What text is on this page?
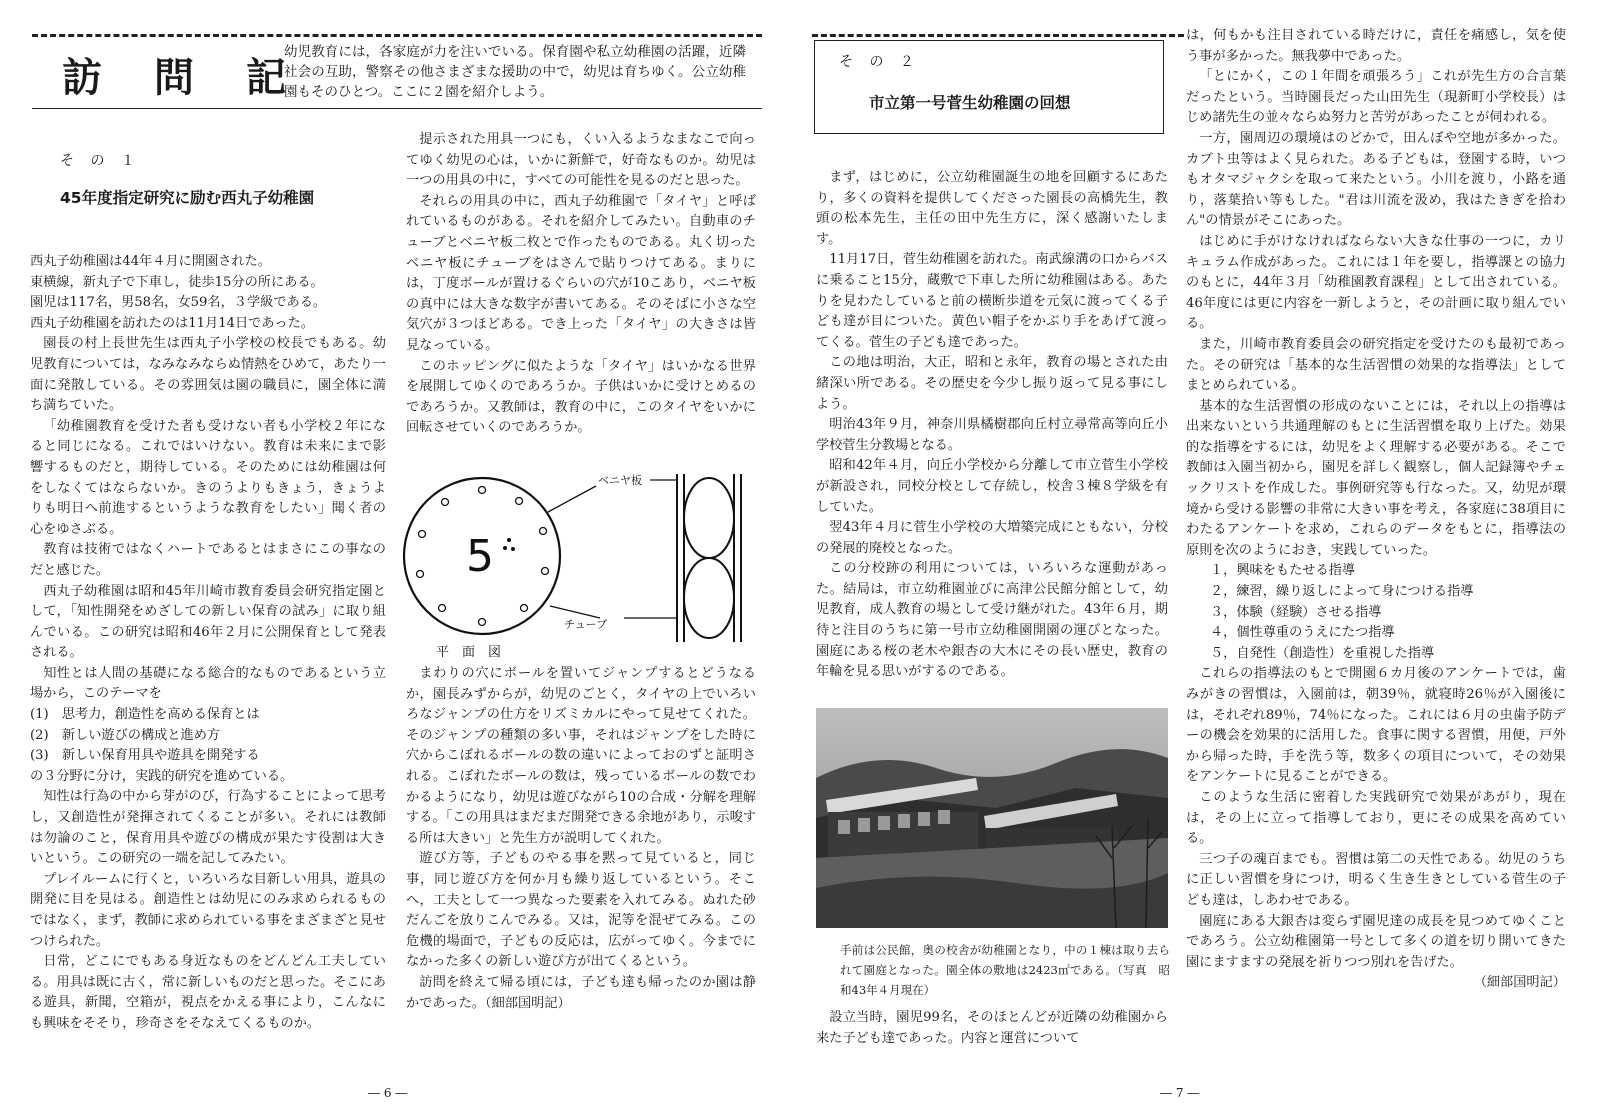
訪　問　記
幼児教育には，各家庭が力を注いでいる。保育園や私立幼稚園の活躍，近隣社会の互助，警察その他さまざまな援助の中で，幼児は育ちゆく。公立幼稚園もそのひとつ。ここに２園を紹介しよう。
そ の １
45年度指定研究に励む西丸子幼稚園

西丸子幼稚園は44年４月に開園された。

東横線，新丸子で下車し，徒歩15分の所にある。

園児は117名，男58名，女59名，３学級である。

西丸子幼稚園を訪れたのは11月14日であった。

園長の村上長世先生は西丸子小学校の校長でもある。幼児教育については，なみなみならぬ情熱をひめて，あたり一面に発散している。その雰囲気は園の職員に，園全体に満ち満ちていた。

「幼稚園教育を受けた者も受けない者も小学校２年になると同じになる。これではいけない。教育は未来にまで影響するものだと，期待している。そのためには幼稚園は何をしなくてはならないか。きのうよりもきょう，きょうよりも明日へ前進するというような教育をしたい」聞く者の心をゆさぶる。

教育は技術ではなくハートであるとはまさにこの事なのだと感じた。

西丸子幼稚園は昭和45年川崎市教育委員会研究指定園として，「知性開発をめざしての新しい保育の試み」に取り組んでいる。この研究は昭和46年２月に公開保育として発表される。

知性とは人間の基礎になる総合的なものであるという立場から，このテーマを

(1)　思考力，創造性を高める保育とは

(2)　新しい遊びの構成と進め方

(3)　新しい保育用具や遊具を開発する

の３分野に分け，実践的研究を進めている。

知性は行為の中から芽がのび，行為することによって思考し，又創造性が発揮されてくることが多い。それには教師は勿論のこと，保育用具や遊びの構成が果たす役割は大きいという。この研究の一端を記してみたい。

プレイルームに行くと，いろいろな目新しい用具，遊具の開発に目を見はる。創造性とは幼児にのみ求められるものではなく，まず，教師に求められている事をまざまざと見せつけられた。

日常，どこにでもある身近なものをどんどん工夫している。用具は既に古く，常に新しいものだと思った。そこにある遊具，新聞，空箱が，視点をかえる事により，こんなにも興味をそそり，珍奇さをそなえてくるものか。

提示された用具一つにも，くい入るようなまなこで向ってゆく幼児の心は，いかに新鮮で，好奇なものか。幼児は一つの用具の中に，すべての可能性を見るのだと思った。

それらの用具の中に，西丸子幼稚園で「タイヤ」と呼ばれているものがある。それを紹介してみたい。自動車のチューブとベニヤ板二枚とで作ったものである。丸く切ったベニヤ板にチューブをはさんで貼りつけてある。まりには，丁度ボールが置けるぐらいの穴が10こあり，ベニヤ板の真中には大きな数字が書いてある。そのそばに小さな空気穴が３つほどある。でき上った「タイヤ」の大きさは皆見なっている。

このホッピングに似たような「タイヤ」はいかなる世界を展開してゆくのであろうか。子供はいかに受けとめるのであろうか。又教師は，教育の中に，このタイヤをいかに回転させていくのであろうか。

5
ベニヤ板
チューブ
平　面　図

まわりの穴にボールを置いてジャンプするとどうなるか，園長みずからが，幼児のごとく，タイヤの上でいろいろなジャンプの仕方をリズミカルにやって見せてくれた。そのジャンプの種類の多い事，それはジャンプをした時に穴からこぼれるボールの数の違いによっておのずと証明される。こぼれたボールの数は，残っているボールの数でわかるようになり，幼児は遊びながら10の合成・分解を理解する。「この用具はまだまだ開発できる余地があり，示唆する所は大きい」と先生方が説明してくれた。

遊び方等，子どものやる事を黙って見ていると，同じ事，同じ遊び方を何か月も繰り返しているという。そこへ，工夫として一つ異なった要素を入れてみる。ぬれた砂だんごを放りこんでみる。又は，泥等を混ぜてみる。この危機的場面で，子どもの反応は，広がってゆく。今までになかった多くの新しい遊び方が出てくるという。

訪問を終えて帰る頃には，子ども達も帰ったのか園は静かであった。（細部国明記）

― 6 ―
そ の ２
市立第一号菅生幼稚園の回想

まず，はじめに，公立幼稚園誕生の地を回顧するにあたり，多くの資料を提供してくださった園長の高橋先生，教頭の松本先生，主任の田中先生方に，深く感謝いたします。

11月17日，菅生幼稚園を訪れた。南武線溝の口からバスに乗ること15分，蔵敷で下車した所に幼稚園はある。あたりを見わたしていると前の横断歩道を元気に渡ってくる子ども達が目についた。黄色い帽子をかぶり手をあげて渡ってくる。菅生の子ども達であった。

この地は明治，大正，昭和と永年，教育の場とされた由緒深い所である。その歴史を今少し振り返って見る事にしよう。

明治43年９月，神奈川県橘樹郡向丘村立尋常高等向丘小学校菅生分教場となる。

昭和42年４月，向丘小学校から分離して市立菅生小学校が新設され，同校分校として存続し，校舎３棟８学級を有していた。

翌43年４月に菅生小学校の大増築完成にともない，分校の発展的廃校となった。

この分校跡の利用については，いろいろな運動があった。結局は，市立幼稚園並びに高津公民館分館として，幼児教育，成人教育の場として受け継がれた。43年６月，期待と注目のうちに第一号市立幼稚園開園の運びとなった。園庭にある桜の老木や銀杏の大木にその長い歴史，教育の年輪を見る思いがするのである。

手前は公民館，奥の校舎が幼稚園となり，中の１棟は取り去られて園庭となった。園全体の敷地は2423㎡である。（写真　昭和43年４月現在）

設立当時，園児99名，そのほとんどが近隣の幼稚園から来た子ども達であった。内容と運営について

は，何もかも注目されている時だけに，責任を痛感し，気を使う事が多かった。無我夢中であった。

「とにかく，この１年間を頑張ろう」これが先生方の合言葉だったという。当時園長だった山田先生（現新町小学校長）はじめ諸先生の並々ならぬ努力と苦労があったことが伺われる。

一方，園周辺の環境はのどかで，田んぼや空地が多かった。カブト虫等はよく見られた。ある子どもは，登園する時，いつもオタマジャクシを取って来たという。小川を渡り，小路を通り，落葉拾い等もした。"君は川流を汲め，我はたきぎを拾わん"の情景がそこにあった。

はじめに手がけなければならない大きな仕事の一つに，カリキュラム作成があった。これには１年を要し，指導課との協力のもとに，44年３月「幼稚園教育課程」として出されている。46年度には更に内容を一新しようと，その計画に取り組んでいる。

また，川崎市教育委員会の研究指定を受けたのも最初であった。その研究は「基本的な生活習慣の効果的な指導法」としてまとめられている。

基本的な生活習慣の形成のないことには，それ以上の指導は出来ないという共通理解のもとに生活習慣を取り上げた。効果的な指導をするには，幼児をよく理解する必要がある。そこで教師は入園当初から，園児を詳しく観察し，個人記録簿やチェックリストを作成した。事例研究等も行なった。又，幼児が環境から受ける影響の非常に大きい事を考え，各家庭に38項目にわたるアンケートを求め，これらのデータをもとに，指導法の原則を次のようにおき，実践していった。

１，興味をもたせる指導
２，練習，繰り返しによって身につける指導
３，体験（経験）させる指導
４，個性尊重のうえにたつ指導
５，自発性（創造性）を重視した指導

これらの指導法のもとで開園６カ月後のアンケートでは，歯みがきの習慣は，入園前は，朝39％，就寝時26％が入園後には，それぞれ89％，74％になった。これには６月の虫歯予防デーの機会を効果的に活用した。食事に関する習慣，用便，戸外から帰った時，手を洗う等，数多くの項目について，その効果をアンケートに見ることができる。

このような生活に密着した実践研究で効果があがり，現在は，その上に立って指導しており，更にその成果を高めている。

三つ子の魂百までも。習慣は第二の天性である。幼児のうちに正しい習慣を身につけ，明るく生き生きとしている菅生の子ども達は，しあわせである。

園庭にある大銀杏は変らず園児達の成長を見つめてゆくことであろう。公立幼稚園第一号として多くの道を切り開いてきた園にますますの発展を祈りつつ別れを告げた。

（細部国明記）

― 7 ―
